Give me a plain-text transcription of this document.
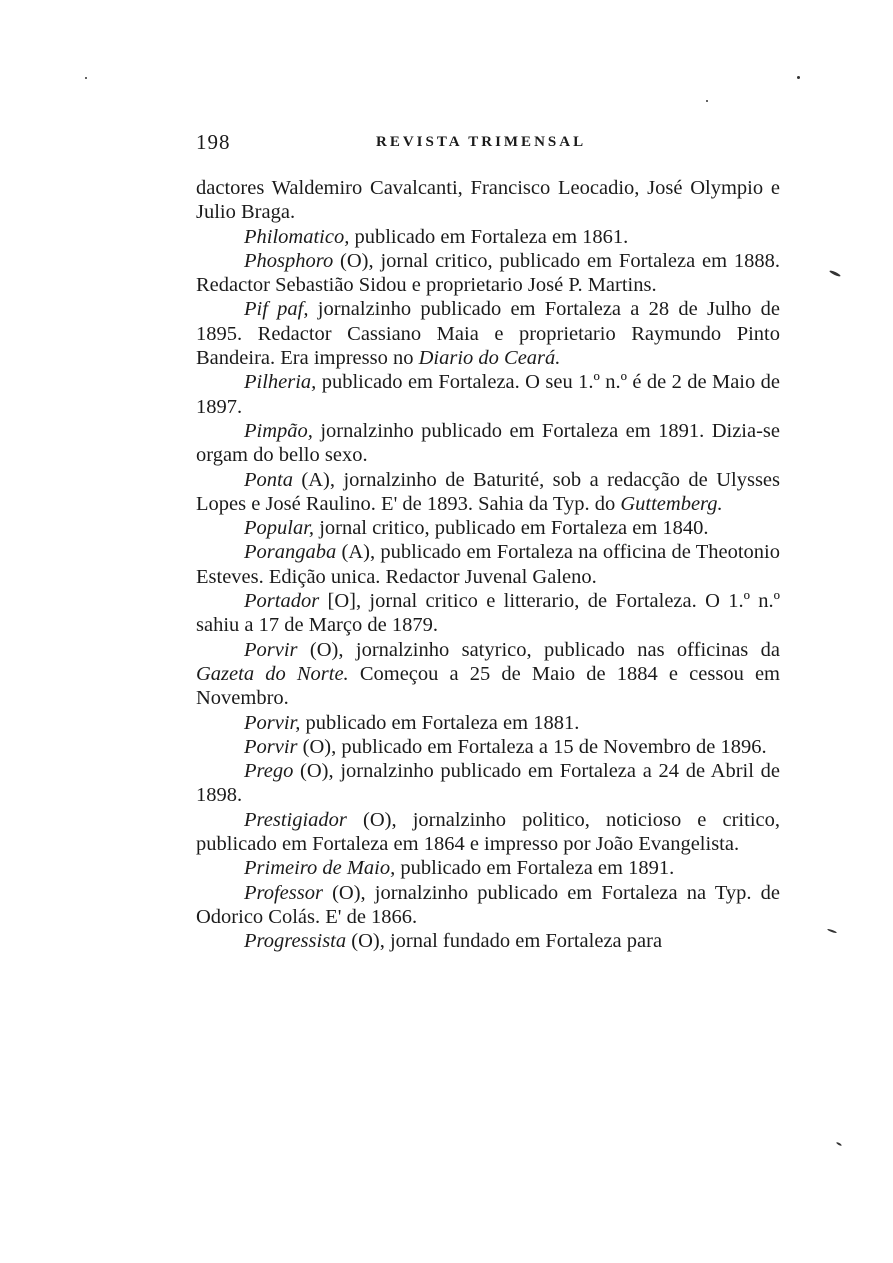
198	REVISTA TRIMENSAL

dactores Waldemiro Cavalcanti, Francisco Leocadio, José Olympio e Julio Braga.

Philomatico, publicado em Fortaleza em 1861.

Phosphoro (O), jornal critico, publicado em Fortaleza em 1888. Redactor Sebastião Sidou e proprietario José P. Martins.

Pif paf, jornalzinho publicado em Fortaleza a 28 de Julho de 1895. Redactor Cassiano Maia e proprietario Raymundo Pinto Bandeira. Era impresso no Diario do Ceará.

Pilheria, publicado em Fortaleza. O seu 1.º n.º é de 2 de Maio de 1897.

Pimpão, jornalzinho publicado em Fortaleza em 1891. Dizia-se orgam do bello sexo.

Ponta (A), jornalzinho de Baturité, sob a redacção de Ulysses Lopes e José Raulino. E' de 1893. Sahia da Typ. do Guttemberg.

Popular, jornal critico, publicado em Fortaleza em 1840.

Porangaba (A), publicado em Fortaleza na officina de Theotonio Esteves. Edição unica. Redactor Juvenal Galeno.

Portador [O], jornal critico e litterario, de Fortaleza. O 1.º n.º sahiu a 17 de Março de 1879.

Porvir (O), jornalzinho satyrico, publicado nas officinas da Gazeta do Norte. Começou a 25 de Maio de 1884 e cessou em Novembro.

Porvir, publicado em Fortaleza em 1881.

Porvir (O), publicado em Fortaleza a 15 de Novembro de 1896.

Prego (O), jornalzinho publicado em Fortaleza a 24 de Abril de 1898.

Prestigiador (O), jornalzinho politico, noticioso e critico, publicado em Fortaleza em 1864 e impresso por João Evangelista.

Primeiro de Maio, publicado em Fortaleza em 1891.

Professor (O), jornalzinho publicado em Fortaleza na Typ. de Odorico Colás. E' de 1866.

Progressista (O), jornal fundado em Fortaleza para
